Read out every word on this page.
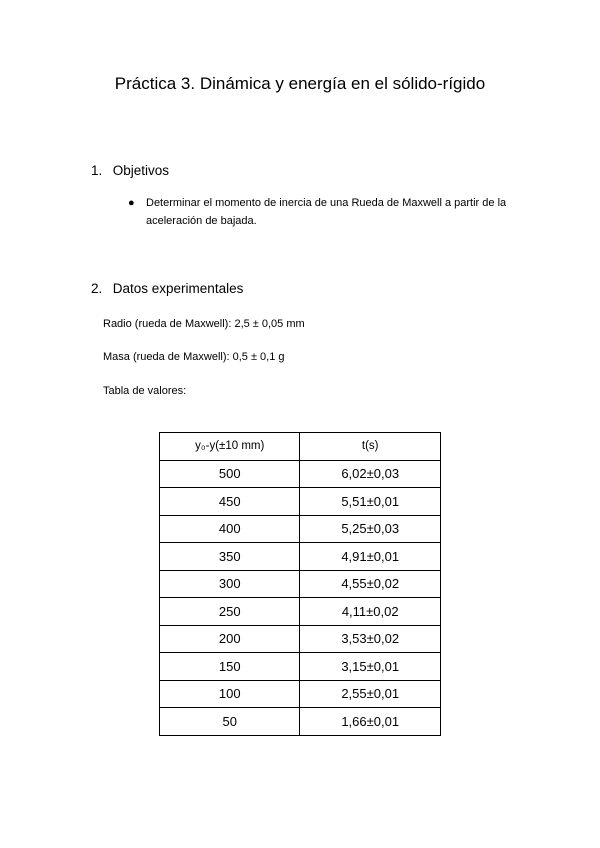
Práctica 3. Dinámica y energía en el sólido-rígido
1. Objetivos
● Determinar el momento de inercia de una Rueda de Maxwell a partir de la aceleración de bajada.
2. Datos experimentales

Radio (rueda de Maxwell): 2,5 ± 0,05 mm

Masa (rueda de Maxwell): 0,5 ± 0,1 g

Tabla de valores:

y₀-y(±10 mm)	t(s)
500	6,02±0,03
450	5,51±0,01
400	5,25±0,03
350	4,91±0,01
300	4,55±0,02
250	4,11±0,02
200	3,53±0,02
150	3,15±0,01
100	2,55±0,01
50	1,66±0,01
